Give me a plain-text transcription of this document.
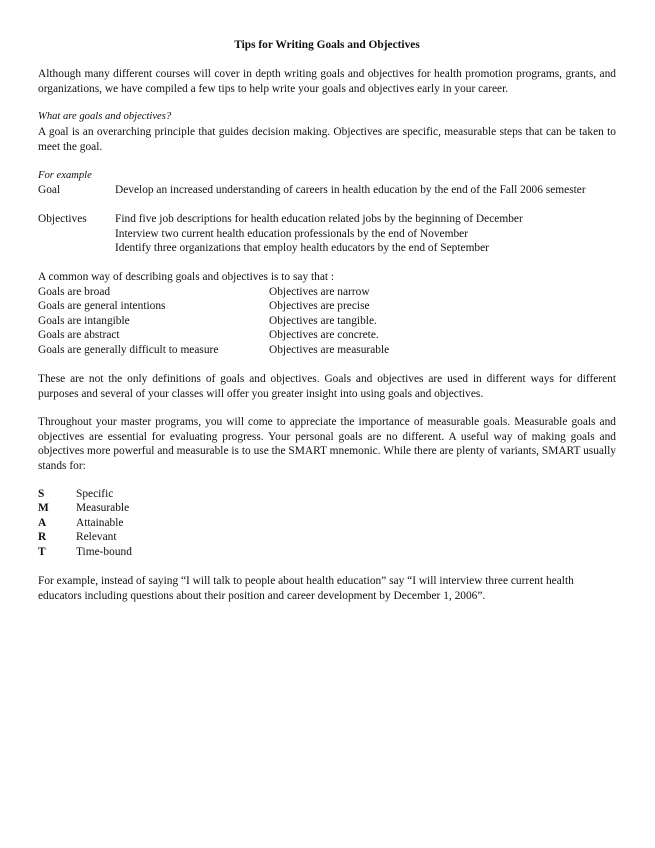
Tips for Writing Goals and Objectives

Although many different courses will cover in depth writing goals and objectives for health promotion programs, grants, and organizations, we have compiled a few tips to help write your goals and objectives early in your career.

What are goals and objectives?

A goal is an overarching principle that guides decision making. Objectives are specific, measurable steps that can be taken to meet the goal.

For example
Goal	Develop an increased understanding of careers in health education by the end of the Fall 2006 semester
Objectives Find five job descriptions for health education related jobs by the beginning of December
Interview two current health education professionals by the end of November
Identify three organizations that employ health educators by the end of September
A common way of describing goals and objectives is to say that :
Goals are broad	Objectives are narrow
Goals are general intentions	Objectives are precise
Goals are intangible	Objectives are tangible.
Goals are abstract	Objectives are concrete.
Goals are generally difficult to measure	Objectives are measurable

These are not the only definitions of goals and objectives. Goals and objectives are used in different ways for different purposes and several of your classes will offer you greater insight into using goals and objectives.

Throughout your master programs, you will come to appreciate the importance of measurable goals. Measurable goals and objectives are essential for evaluating progress. Your personal goals are no different. A useful way of making goals and objectives more powerful and measurable is to use the SMART mnemonic. While there are plenty of variants, SMART usually stands for:

S	Specific
M Measurable
A	Attainable
R	Relevant
T	Time-bound

For example, instead of saying “I will talk to people about health education” say “I will interview three current health educators including questions about their position and career development by December 1, 2006”.
